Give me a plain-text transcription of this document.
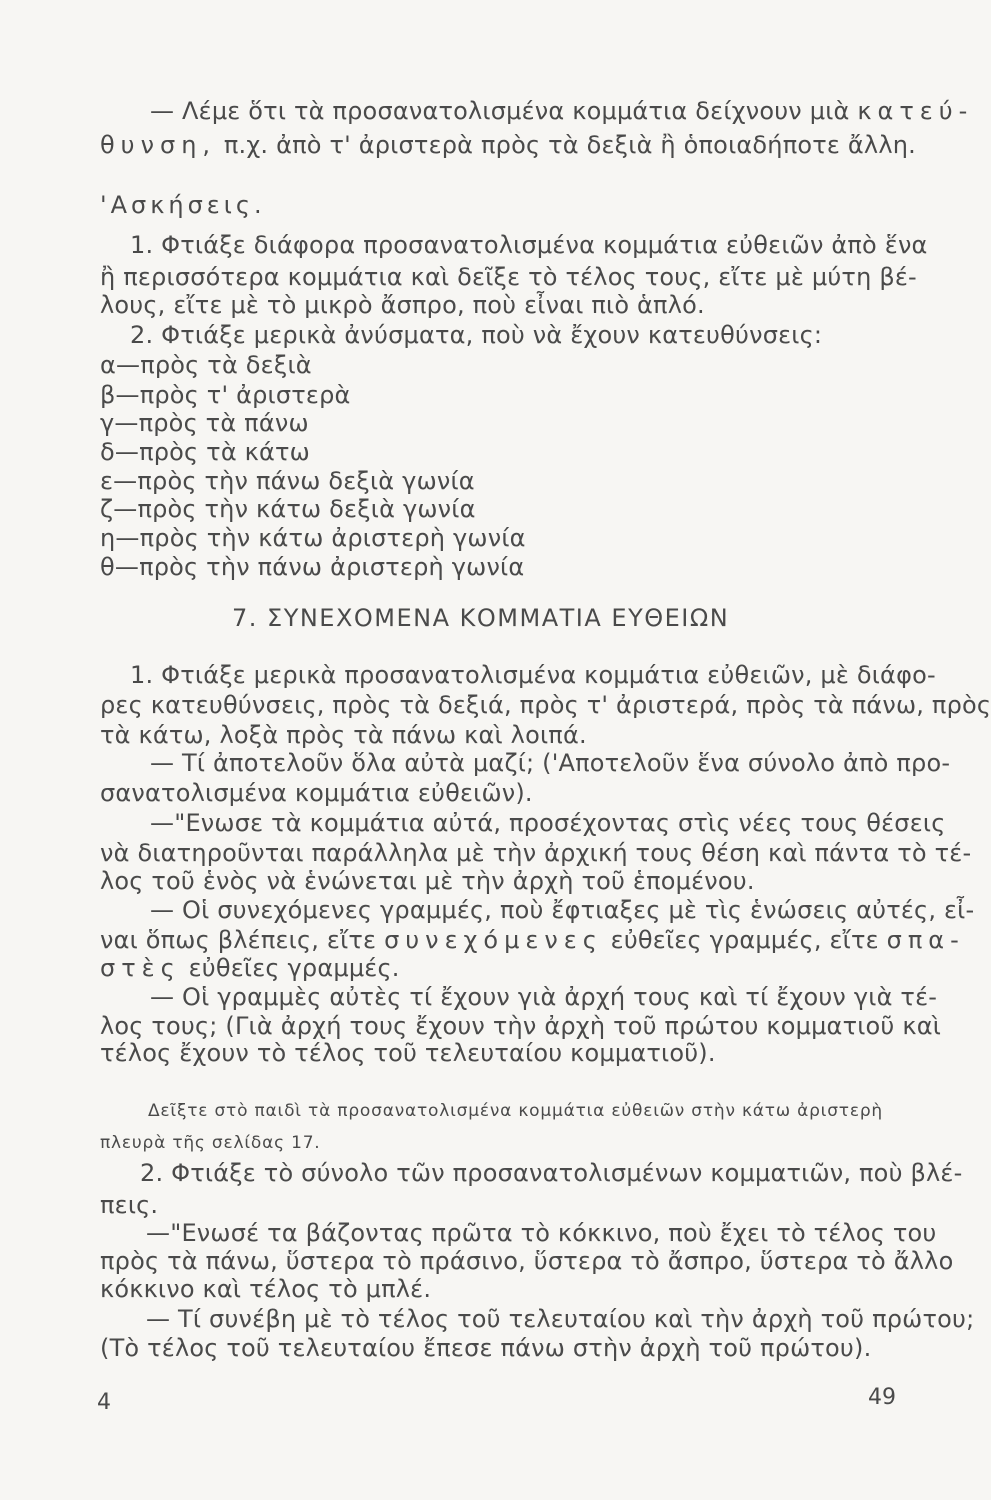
— Λέμε ὅτι τὰ προσανατολισμένα κομμάτια δείχνουν μιὰ κατεύ-
θυνση, π.χ. ἀπὸ τ' ἀριστερὰ πρὸς τὰ δεξιὰ ἢ ὁποιαδήποτε ἄλλη.
'Ασκήσεις.
1. Φτιάξε διάφορα προσανατολισμένα κομμάτια εὐθειῶν ἀπὸ ἕνα
ἢ περισσότερα κομμάτια καὶ δεῖξε τὸ τέλος τους, εἴτε μὲ μύτη βέ-
λους, εἴτε μὲ τὸ μικρὸ ἄσπρο, ποὺ εἶναι πιὸ ἁπλό.
2. Φτιάξε μερικὰ ἀνύσματα, ποὺ νὰ ἔχουν κατευθύνσεις:
α—πρὸς τὰ δεξιὰ
β—πρὸς τ' ἀριστερὰ
γ—πρὸς τὰ πάνω
δ—πρὸς τὰ κάτω
ε—πρὸς τὴν πάνω δεξιὰ γωνία
ζ—πρὸς τὴν κάτω δεξιὰ γωνία
η—πρὸς τὴν κάτω ἀριστερὴ γωνία
θ—πρὸς τὴν πάνω ἀριστερὴ γωνία
7. ΣΥΝΕΧΟΜΕΝΑ ΚΟΜΜΑΤΙΑ ΕΥΘΕΙΩΝ
1. Φτιάξε μερικὰ προσανατολισμένα κομμάτια εὐθειῶν, μὲ διάφο-
ρες κατευθύνσεις, πρὸς τὰ δεξιά, πρὸς τ' ἀριστερά, πρὸς τὰ πάνω, πρὸς
τὰ κάτω, λοξὰ πρὸς τὰ πάνω καὶ λοιπά.
— Τί ἀποτελοῦν ὅλα αὐτὰ μαζί; ('Αποτελοῦν ἕνα σύνολο ἀπὸ προ-
σανατολισμένα κομμάτια εὐθειῶν).
—"Ενωσε τὰ κομμάτια αὐτά, προσέχοντας στὶς νέες τους θέσεις
νὰ διατηροῦνται παράλληλα μὲ τὴν ἀρχική τους θέση καὶ πάντα τὸ τέ-
λος τοῦ ἑνὸς νὰ ἑνώνεται μὲ τὴν ἀρχὴ τοῦ ἑπομένου.
— Οἱ συνεχόμενες γραμμές, ποὺ ἔφτιαξες μὲ τὶς ἑνώσεις αὐτές, εἶ-
ναι ὅπως βλέπεις, εἴτε συνεχόμενες εὐθεῖες γραμμές, εἴτε σπα-
στὲς εὐθεῖες γραμμές.
— Οἱ γραμμὲς αὐτὲς τί ἔχουν γιὰ ἀρχή τους καὶ τί ἔχουν γιὰ τέ-
λος τους; (Γιὰ ἀρχή τους ἔχουν τὴν ἀρχὴ τοῦ πρώτου κομματιοῦ καὶ
τέλος ἔχουν τὸ τέλος τοῦ τελευταίου κομματιοῦ).
Δεῖξτε στὸ παιδὶ τὰ προσανατολισμένα κομμάτια εὐθειῶν στὴν κάτω ἀριστερὴ
πλευρὰ τῆς σελίδας 17.
2. Φτιάξε τὸ σύνολο τῶν προσανατολισμένων κομματιῶν, ποὺ βλέ-
πεις.
—"Ενωσέ τα βάζοντας πρῶτα τὸ κόκκινο, ποὺ ἔχει τὸ τέλος του
πρὸς τὰ πάνω, ὕστερα τὸ πράσινο, ὕστερα τὸ ἄσπρο, ὕστερα τὸ ἄλλο
κόκκινο καὶ τέλος τὸ μπλέ.
— Τί συνέβη μὲ τὸ τέλος τοῦ τελευταίου καὶ τὴν ἀρχὴ τοῦ πρώτου;
(Τὸ τέλος τοῦ τελευταίου ἔπεσε πάνω στὴν ἀρχὴ τοῦ πρώτου).
4	49
